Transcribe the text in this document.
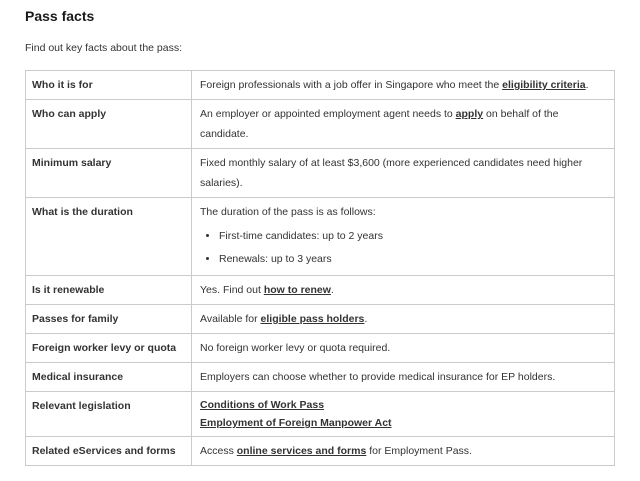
Pass facts

Find out key facts about the pass:

Who it is for	Foreign professionals with a job offer in Singapore who meet the eligibility criteria.

Who can apply	An employer or appointed employment agent needs to apply on behalf of the candidate.

Minimum salary	Fixed monthly salary of at least $3,600 (more experienced candidates need higher salaries).

What is the duration	The duration of the pass is as follows:
• First-time candidates: up to 2 years
• Renewals: up to 3 years

Is it renewable	Yes. Find out how to renew.

Passes for family	Available for eligible pass holders.

Foreign worker levy or quota	No foreign worker levy or quota required.

Medical insurance	Employers can choose whether to provide medical insurance for EP holders.

Relevant legislation	Conditions of Work Pass
Employment of Foreign Manpower Act

Related eServices and forms	Access online services and forms for Employment Pass.
